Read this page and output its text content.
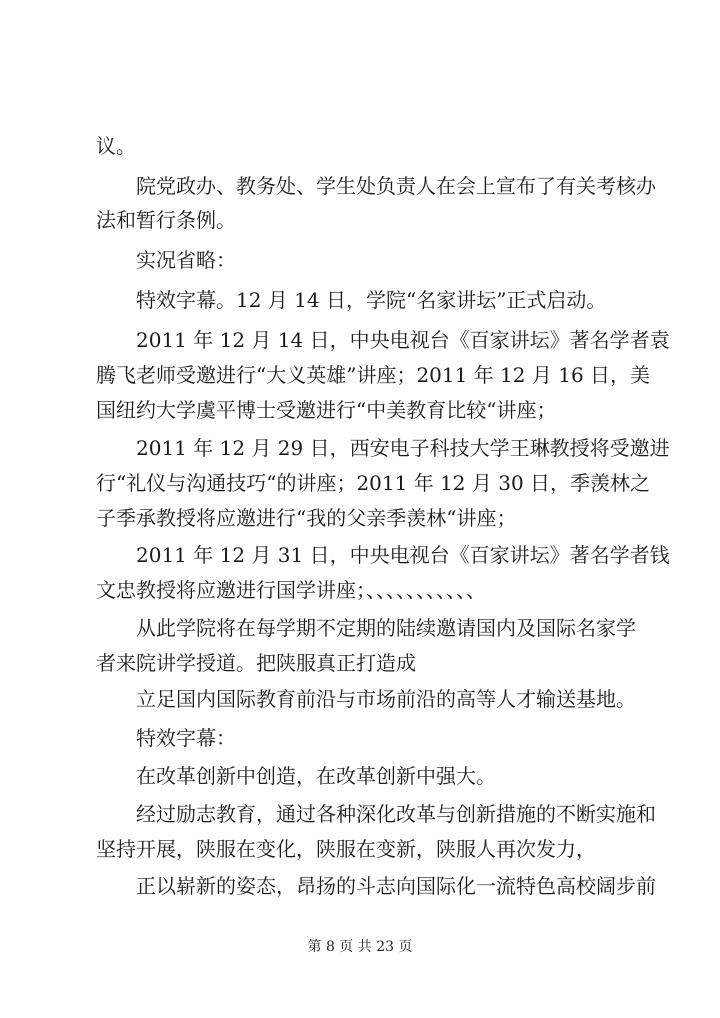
议。
院党政办、教务处、学生处负责人在会上宣布了有关考核办
法和暂行条例。
实况省略：
特效字幕。12 月 14 日，学院“名家讲坛”正式启动。
2011 年 12 月 14 日，中央电视台《百家讲坛》著名学者袁
腾飞老师受邀进行“大义英雄”讲座；2011 年 12 月 16 日，美
国纽约大学虞平博士受邀进行“中美教育比较“讲座；
2011 年 12 月 29 日，西安电子科技大学王琳教授将受邀进
行“礼仪与沟通技巧“的讲座；2011 年 12 月 30 日，季羡林之
子季承教授将应邀进行“我的父亲季羡林“讲座；
2011 年 12 月 31 日，中央电视台《百家讲坛》著名学者钱
文忠教授将应邀进行国学讲座；、、、、、、、、、、、
从此学院将在每学期不定期的陆续邀请国内及国际名家学
者来院讲学授道。把陕服真正打造成
立足国内国际教育前沿与市场前沿的高等人才输送基地。
特效字幕：
在改革创新中创造，在改革创新中强大。
经过励志教育，通过各种深化改革与创新措施的不断实施和
坚持开展，陕服在变化，陕服在变新，陕服人再次发力，
正以崭新的姿态，昂扬的斗志向国际化一流特色高校阔步前
第 8 页 共 23 页
